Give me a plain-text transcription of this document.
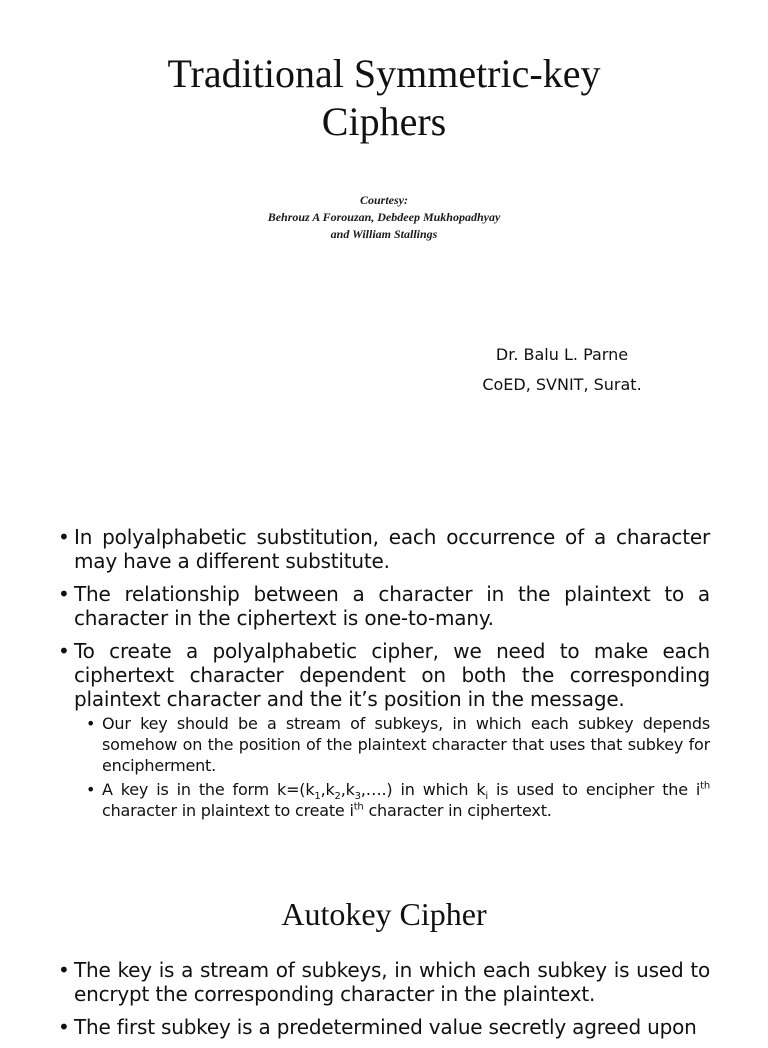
Traditional Symmetric-key
Ciphers
Courtesy:
Behrouz A Forouzan, Debdeep Mukhopadhyay
and William Stallings
Dr. Balu L. Parne
CoED, SVNIT, Surat.
• In polyalphabetic substitution, each occurrence of a character may have a different substitute.
• The relationship between a character in the plaintext to a character in the ciphertext is one-to-many.
• To create a polyalphabetic cipher, we need to make each ciphertext character dependent on both the corresponding plaintext character and the it’s position in the message.
• Our key should be a stream of subkeys, in which each subkey depends somehow on the position of the plaintext character that uses that subkey for encipherment.
• A key is in the form $k=(k_1,k_2,k_3,\dots.)$ in which $k_i$ is used to encipher the $i^{th}$ character in plaintext to create $i^{th}$ character in ciphertext.
Autokey Cipher
• The key is a stream of subkeys, in which each subkey is used to encrypt the corresponding character in the plaintext.
• The first subkey is a predetermined value secretly agreed upon
